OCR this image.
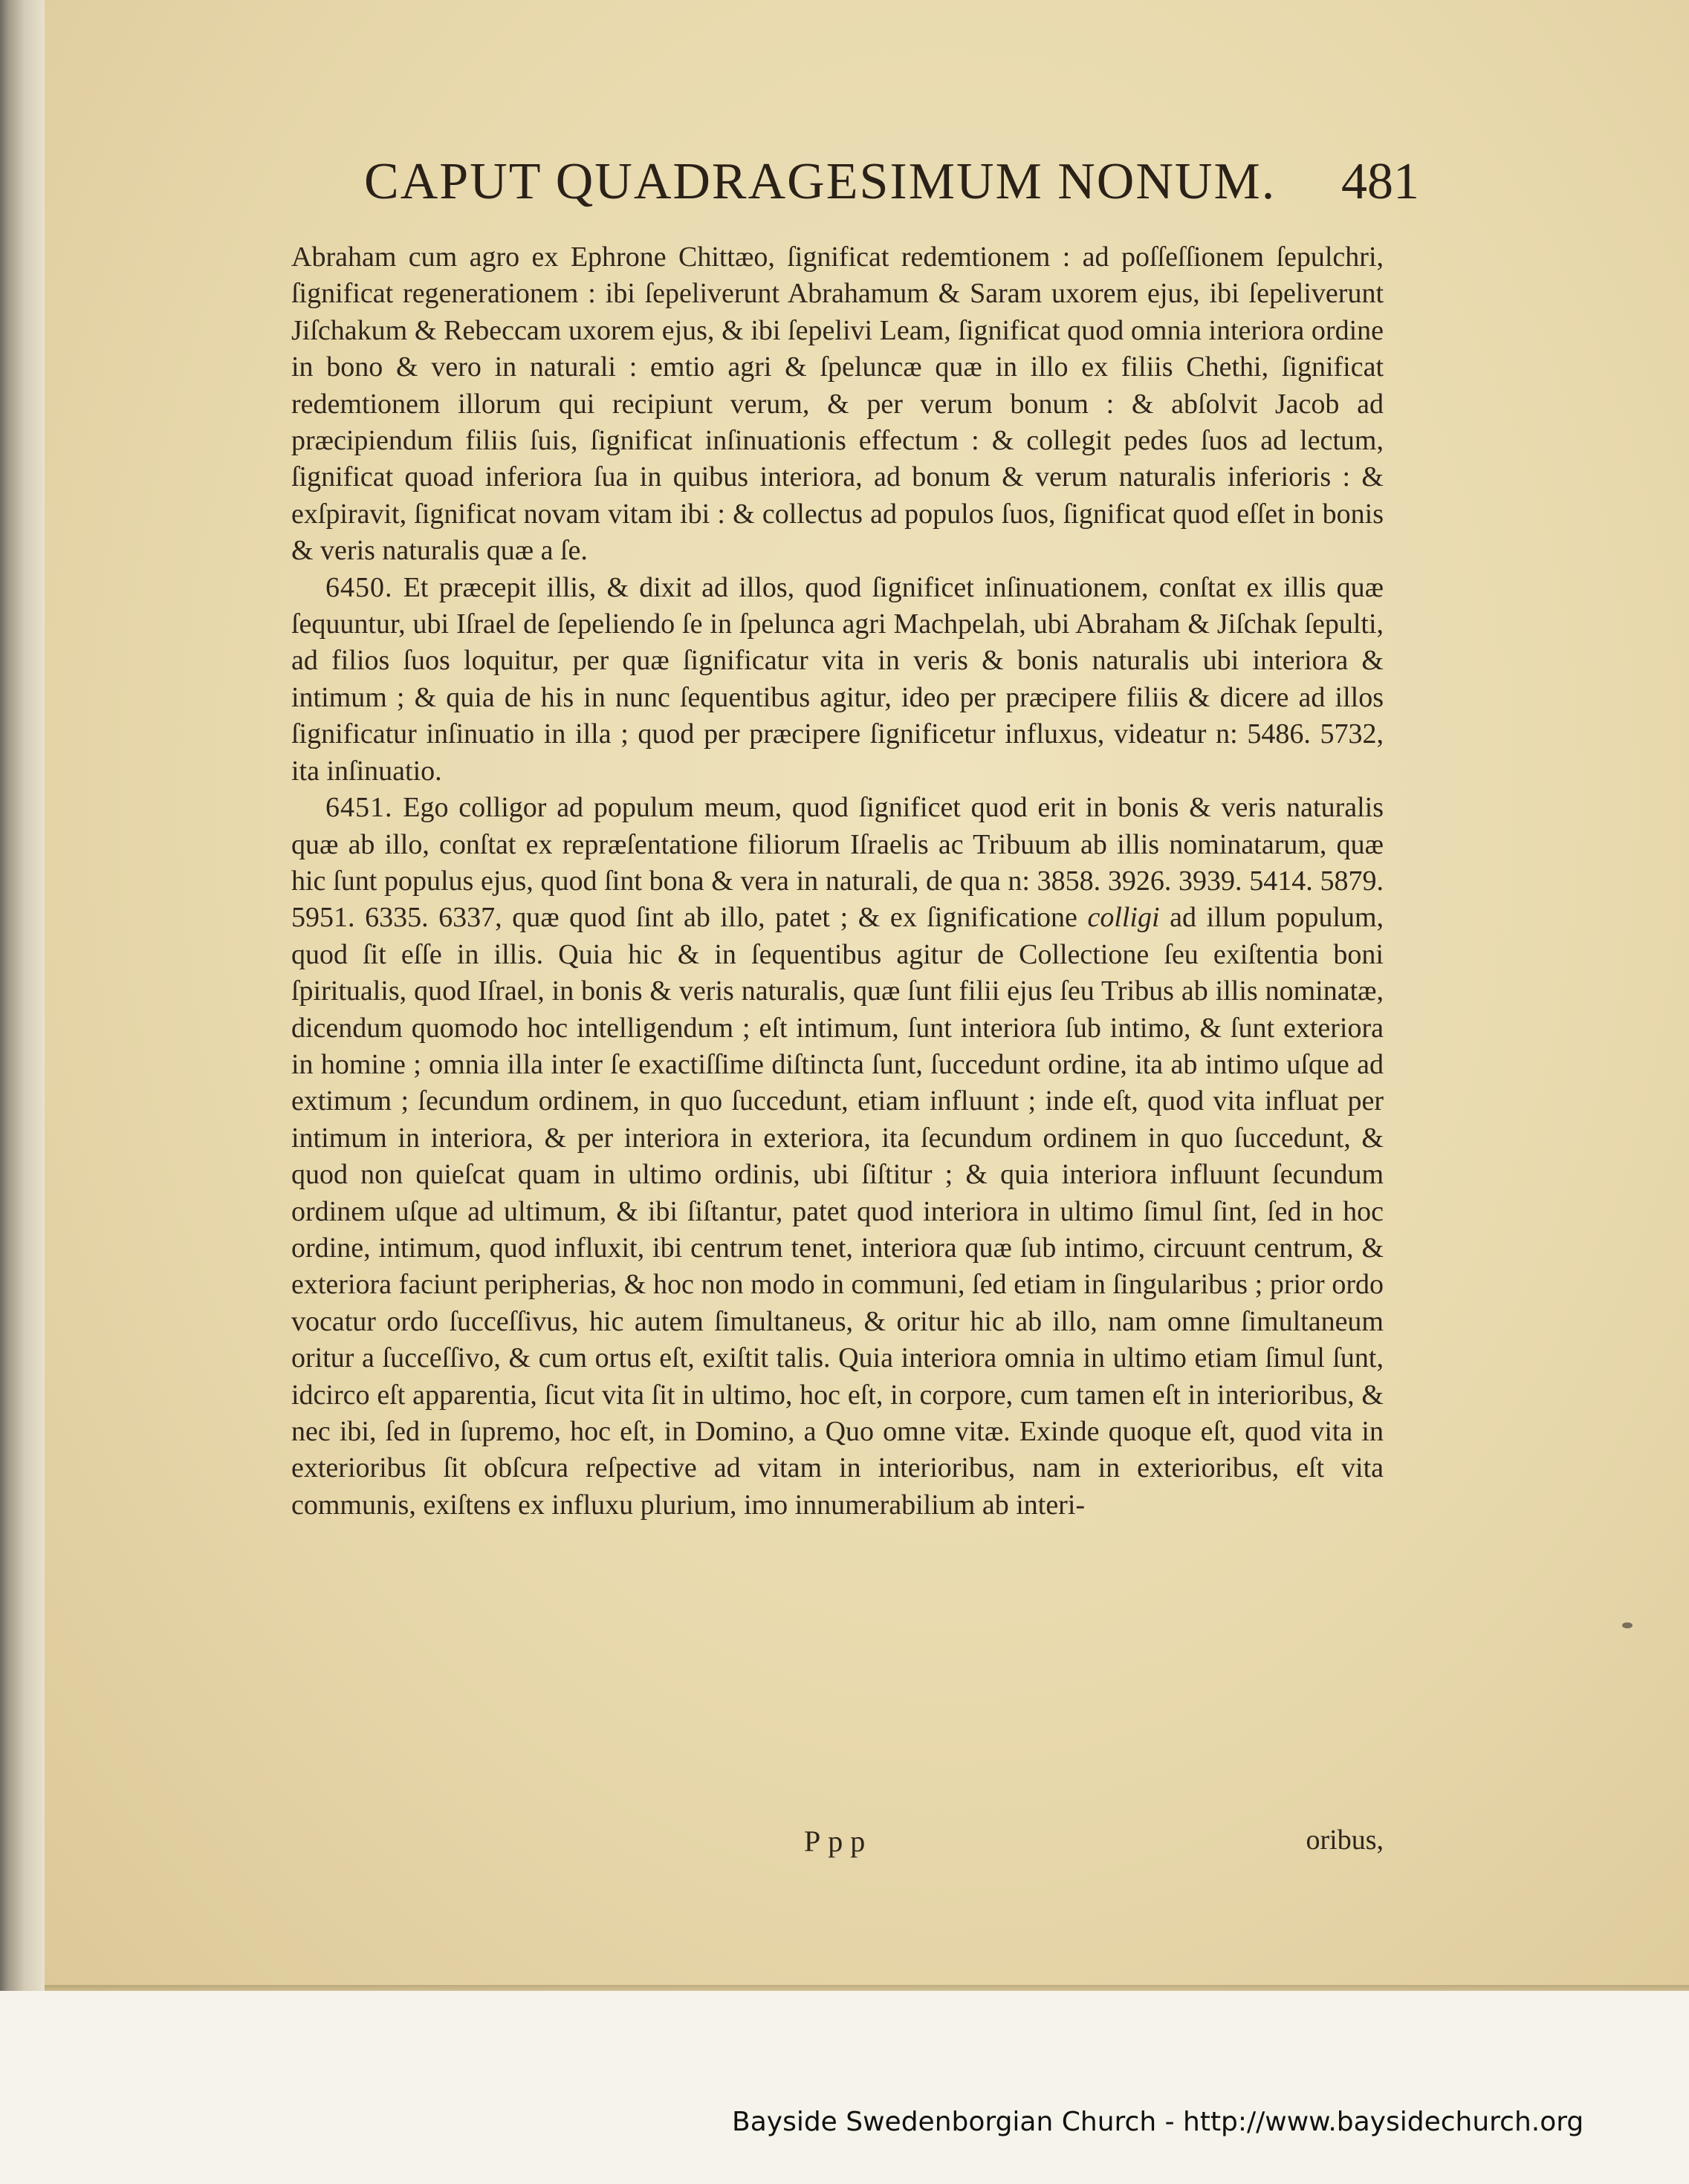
CAPUT QUADRAGESIMUM NONUM. 481

Abraham cum agro ex Ephrone Chittæo, ſignificat redemtionem : ad poſſeſſionem ſepulchri, ſignificat regenerationem : ibi ſepeliverunt Abrahamum & Saram uxorem ejus, ibi ſepeliverunt Jiſchakum & Rebeccam uxorem ejus, & ibi ſepelivi Leam, ſignificat quod omnia interiora ordine in bono & vero in naturali : emtio agri & ſpeluncæ quæ in illo ex filiis Chethi, ſignificat redemtionem illorum qui recipiunt verum, & per verum bonum : & abſolvit Jacob ad præcipiendum filiis ſuis, ſignificat inſinuationis effectum : & collegit pedes ſuos ad lectum, ſignificat quoad inferiora ſua in quibus interiora, ad bonum & verum naturalis inferioris : & exſpiravit, ſignificat novam vitam ibi : & collectus ad populos ſuos, ſignificat quod eſſet in bonis & veris naturalis quæ a ſe.

6450. Et præcepit illis, & dixit ad illos, quod ſignificet inſinuationem, conſtat ex illis quæ ſequuntur, ubi Iſrael de ſepeliendo ſe in ſpelunca agri Machpelah, ubi Abraham & Jiſchak ſepulti, ad filios ſuos loquitur, per quæ ſignificatur vita in veris & bonis naturalis ubi interiora & intimum ; & quia de his in nunc ſequentibus agitur, ideo per præcipere filiis & dicere ad illos ſignificatur inſinuatio in illa ; quod per præcipere ſignificetur influxus, videatur n: 5486. 5732, ita inſinuatio.

6451. Ego colligor ad populum meum, quod ſignificet quod erit in bonis & veris naturalis quæ ab illo, conſtat ex repræſentatione filiorum Iſraelis ac Tribuum ab illis nominatarum, quæ hic ſunt populus ejus, quod ſint bona & vera in naturali, de qua n: 3858. 3926. 3939. 5414. 5879. 5951. 6335. 6337, quæ quod ſint ab illo, patet ; & ex ſignificatione colligi ad illum populum, quod ſit eſſe in illis. Quia hic & in ſequentibus agitur de Collectione ſeu exiſtentia boni ſpiritualis, quod Iſrael, in bonis & veris naturalis, quæ ſunt filii ejus ſeu Tribus ab illis nominatæ, dicendum quomodo hoc intelligendum ; eſt intimum, ſunt interiora ſub intimo, & ſunt exteriora in homine ; omnia illa inter ſe exactiſſime diſtincta ſunt, ſuccedunt ordine, ita ab intimo uſque ad extimum ; ſecundum ordinem, in quo ſuccedunt, etiam influunt ; inde eſt, quod vita influat per intimum in interiora, & per interiora in exteriora, ita ſecundum ordinem in quo ſuccedunt, & quod non quieſcat quam in ultimo ordinis, ubi ſiſtitur ; & quia interiora influunt ſecundum ordinem uſque ad ultimum, & ibi ſiſtantur, patet quod interiora in ultimo ſimul ſint, ſed in hoc ordine, intimum, quod influxit, ibi centrum tenet, interiora quæ ſub intimo, circuunt centrum, & exteriora faciunt peripherias, & hoc non modo in communi, ſed etiam in ſingularibus ; prior ordo vocatur ordo ſucceſſivus, hic autem ſimultaneus, & oritur hic ab illo, nam omne ſimultaneum oritur a ſucceſſivo, & cum ortus eſt, exiſtit talis. Quia interiora omnia in ultimo etiam ſimul ſunt, idcirco eſt apparentia, ſicut vita ſit in ultimo, hoc eſt, in corpore, cum tamen eſt in interioribus, & nec ibi, ſed in ſupremo, hoc eſt, in Domino, a Quo omne vitæ. Exinde quoque eſt, quod vita in exterioribus ſit obſcura reſpective ad vitam in interioribus, nam in exterioribus, eſt vita communis, exiſtens ex influxu plurium, imo innumerabilium ab interi-

Ppp	oribus,
Bayside Swedenborgian Church - http://www.baysidechurch.org
